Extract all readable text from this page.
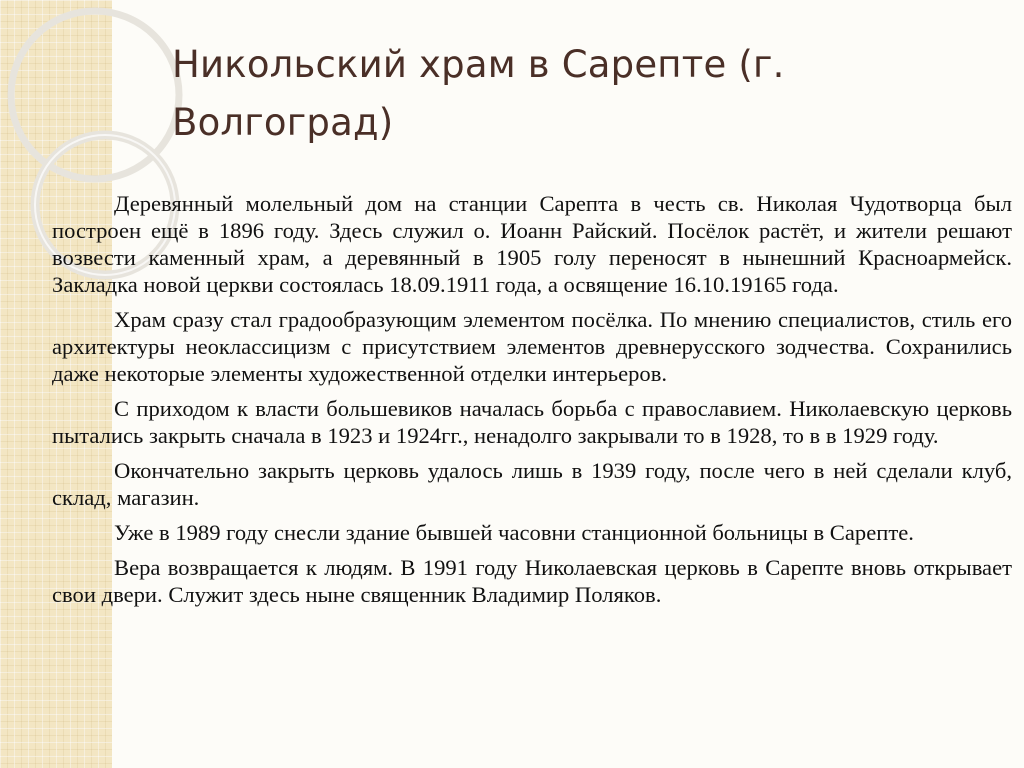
Никольский храм в Сарепте (г. Волгоград)

Деревянный молельный дом на станции Сарепта в честь св. Николая Чудотворца был построен ещё в 1896 году. Здесь служил о. Иоанн Райский. Посёлок растёт, и жители решают возвести каменный храм, а деревянный в 1905 голу переносят в нынешний Красноармейск. Закладка новой церкви состоялась 18.09.1911 года, а освящение 16.10.19165 года.

Храм сразу стал градообразующим элементом посёлка. По мнению специалистов, стиль его архитектуры неоклассицизм с присутствием элементов древнерусского зодчества. Сохранились даже некоторые элементы художественной отделки интерьеров.

С приходом к власти большевиков началась борьба с православием. Николаевскую церковь пытались закрыть сначала в 1923 и 1924гг., ненадолго закрывали то в 1928, то в в 1929 году.

Окончательно закрыть церковь удалось лишь в 1939 году, после чего в ней сделали клуб, склад, магазин.

Уже в 1989 году снесли здание бывшей часовни станционной больницы в Сарепте.

Вера возвращается к людям. В 1991 году Николаевская церковь в Сарепте вновь открывает свои двери. Служит здесь ныне священник Владимир Поляков.
